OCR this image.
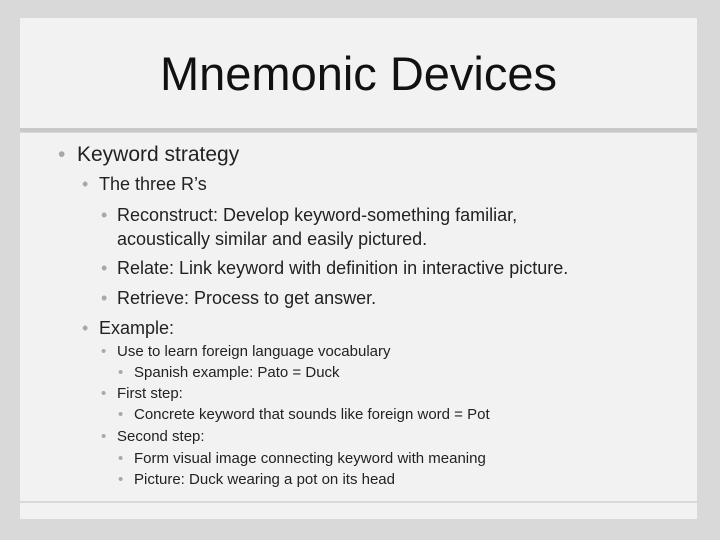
Mnemonic Devices
• Keyword strategy
• The three R’s
• Reconstruct: Develop keyword-something familiar,
acoustically similar and easily pictured.
• Relate: Link keyword with definition in interactive picture.
• Retrieve: Process to get answer.
• Example:
• Use to learn foreign language vocabulary
• Spanish example: Pato = Duck
• First step:
• Concrete keyword that sounds like foreign word = Pot
• Second step:
• Form visual image connecting keyword with meaning
• Picture: Duck wearing a pot on its head
